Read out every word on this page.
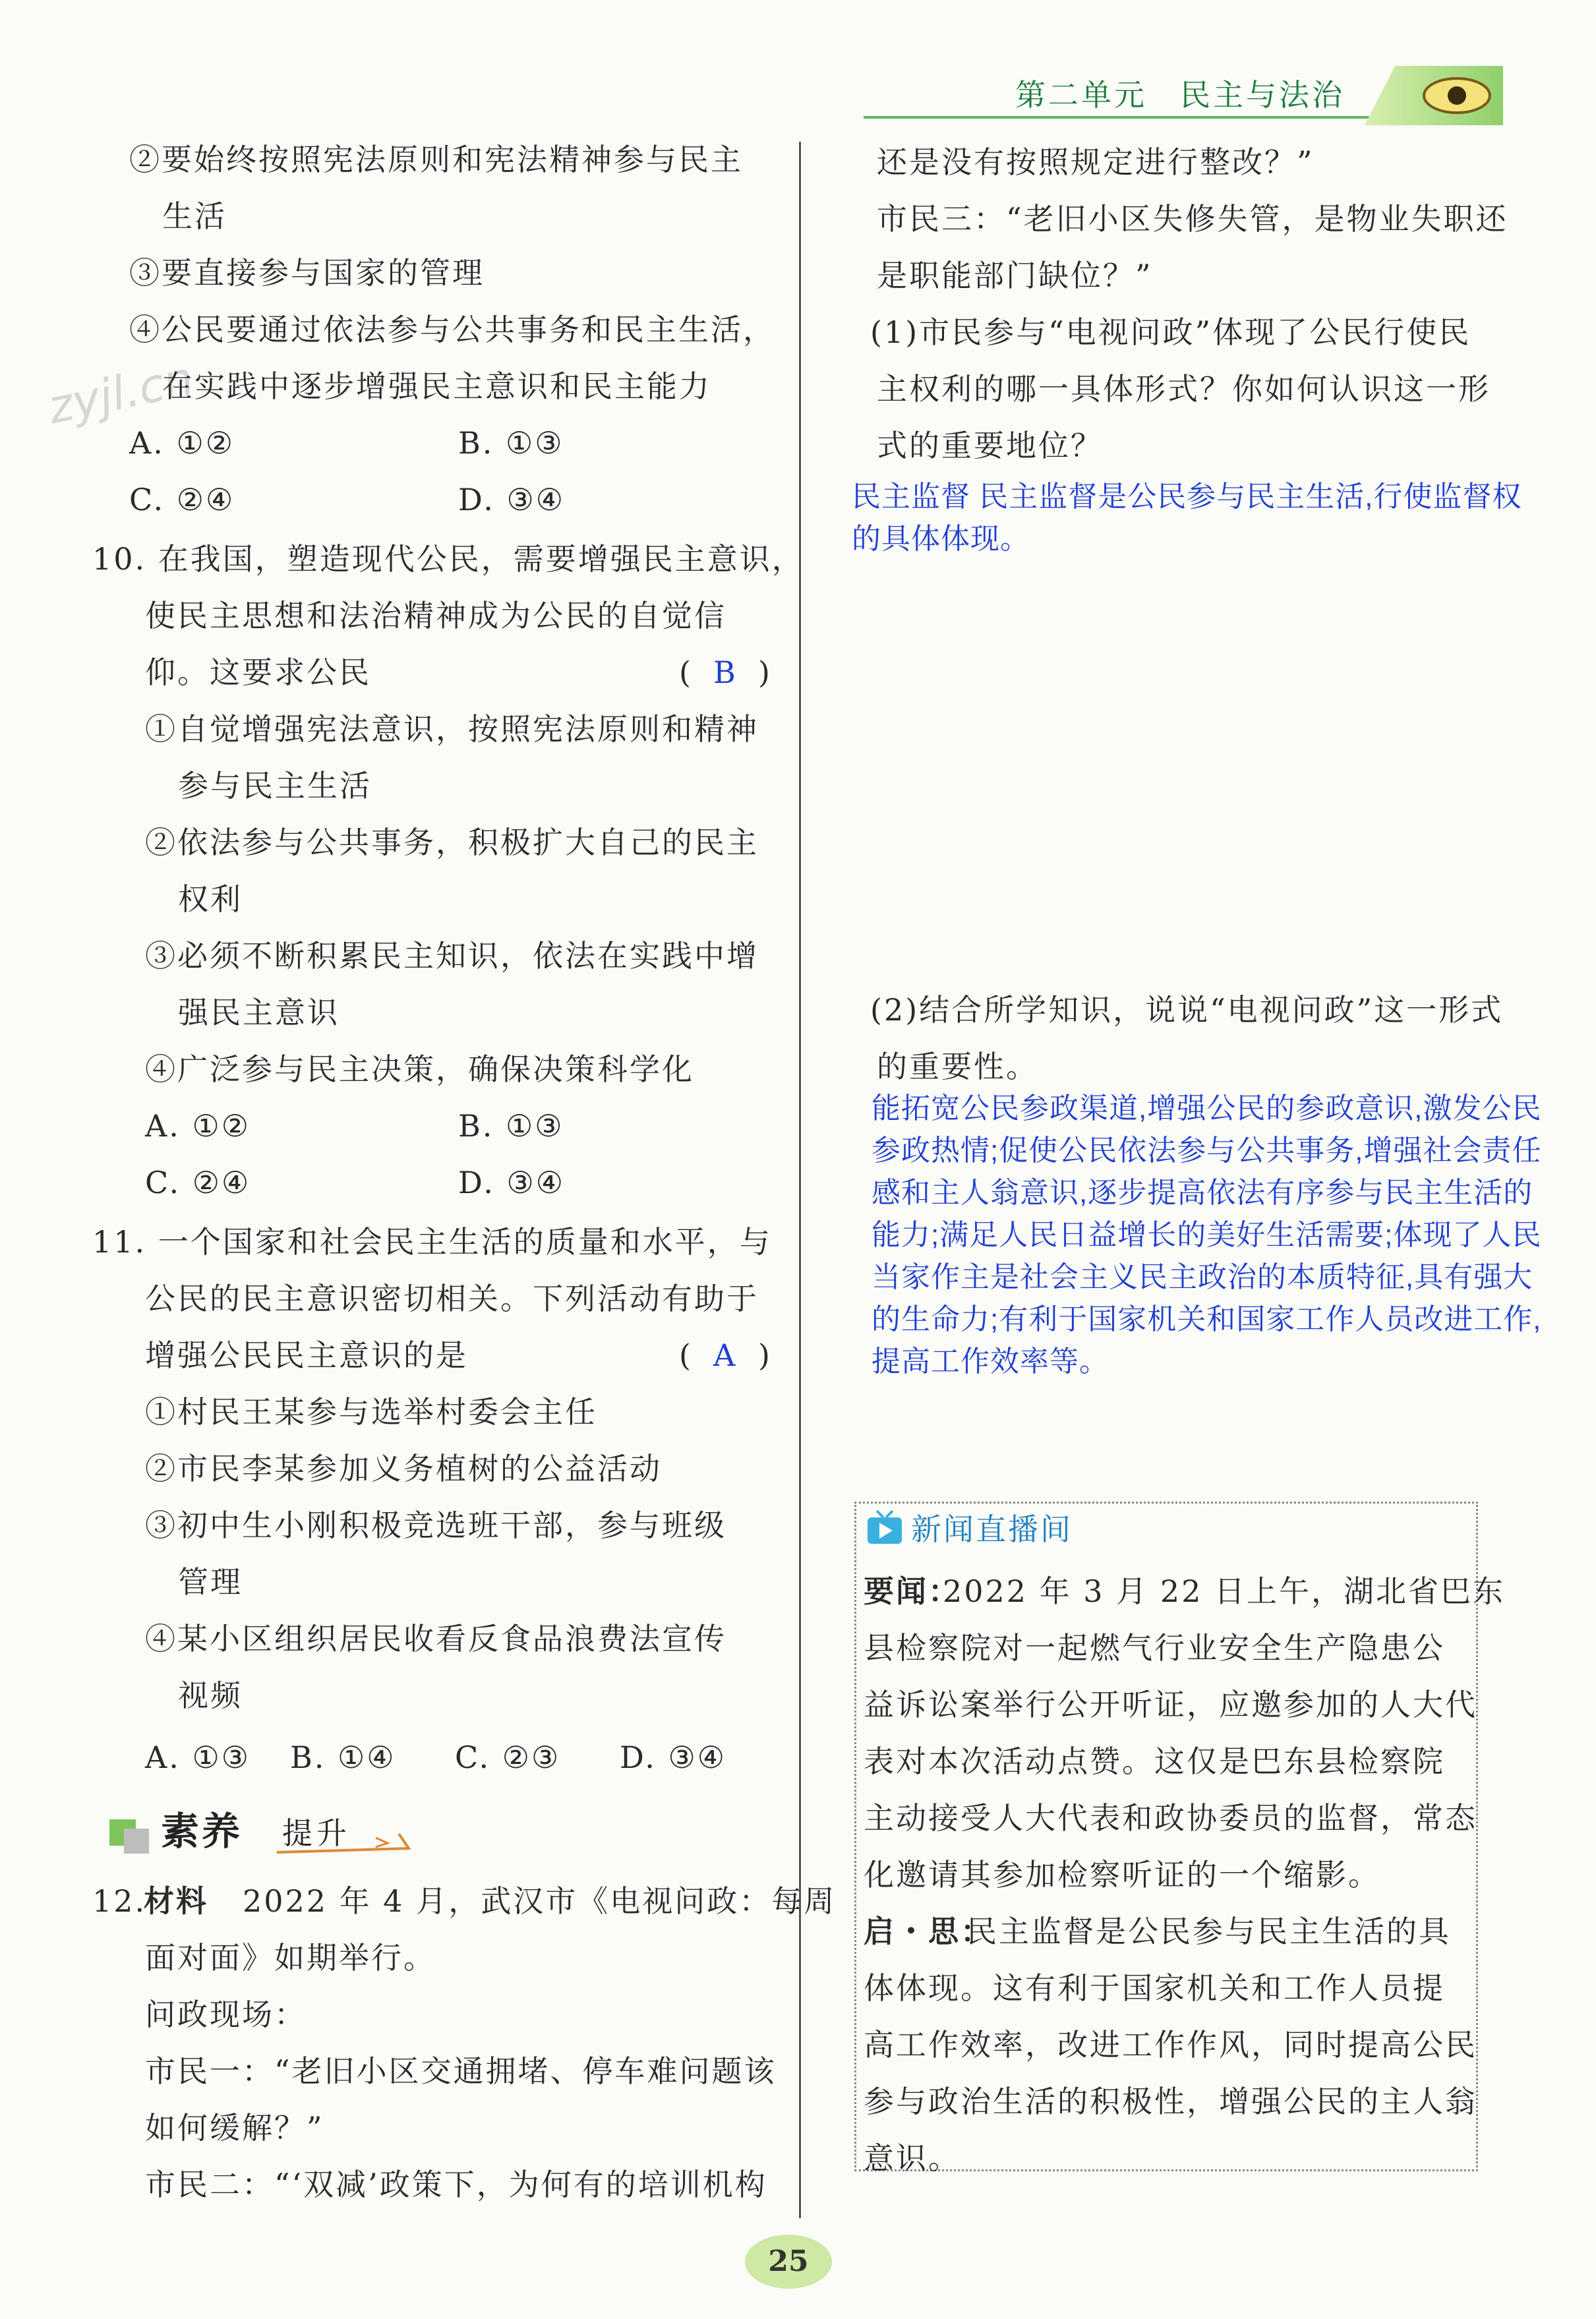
第二单元　民主与法治
zyjl.cn
②要始终按照宪法原则和宪法精神参与民主
生活
③要直接参与国家的管理
④公民要通过依法参与公共事务和民主生活，
在实践中逐步增强民主意识和民主能力
A. ①②	B. ①③
C. ②④	D. ③④
10. 在我国，塑造现代公民，需要增强民主意识，
使民主思想和法治精神成为公民的自觉信
仰。这要求公民	( B )
①自觉增强宪法意识，按照宪法原则和精神
参与民主生活
②依法参与公共事务，积极扩大自己的民主
权利
③必须不断积累民主知识，依法在实践中增
强民主意识
④广泛参与民主决策，确保决策科学化
A. ①②	B. ①③
C. ②④	D. ③④
11. 一个国家和社会民主生活的质量和水平，与
公民的民主意识密切相关。下列活动有助于
增强公民民主意识的是	( A )
①村民王某参与选举村委会主任
②市民李某参加义务植树的公益活动
③初中生小刚积极竞选班干部，参与班级
管理
④某小区组织居民收看反食品浪费法宣传
视频
A. ①③ B. ①④ C. ②③ D. ③④
素养 提升
12.
材料 2022 年 4 月，武汉市《电视问政：每周
面对面》如期举行。
问政现场：
市民一：“老旧小区交通拥堵、停车难问题该
如何缓解？”
市民二：“‘双减’政策下，为何有的培训机构
还是没有按照规定进行整改？”
市民三：“老旧小区失修失管，是物业失职还
是职能部门缺位？”
(1)市民参与“电视问政”体现了公民行使民
主权利的哪一具体形式？你如何认识这一形
式的重要地位？
民主监督 民主监督是公民参与民主生活,行使监督权
的具体体现。
(2)结合所学知识，说说“电视问政”这一形式
的重要性。
能拓宽公民参政渠道,增强公民的参政意识,激发公民
参政热情;促使公民依法参与公共事务,增强社会责任
感和主人翁意识,逐步提高依法有序参与民主生活的
能力;满足人民日益增长的美好生活需要;体现了人民
当家作主是社会主义民主政治的本质特征,具有强大
的生命力;有利于国家机关和国家工作人员改进工作,
提高工作效率等。
新闻直播间
要闻：
2022 年 3 月 22 日上午，湖北省巴东
县检察院对一起燃气行业安全生产隐患公
益诉讼案举行公开听证，应邀参加的人大代
表对本次活动点赞。这仅是巴东县检察院
主动接受人大代表和政协委员的监督，常态
化邀请其参加检察听证的一个缩影。
启・思：
民主监督是公民参与民主生活的具
体体现。这有利于国家机关和工作人员提
高工作效率，改进工作作风，同时提高公民
参与政治生活的积极性，增强公民的主人翁
意识。
25
